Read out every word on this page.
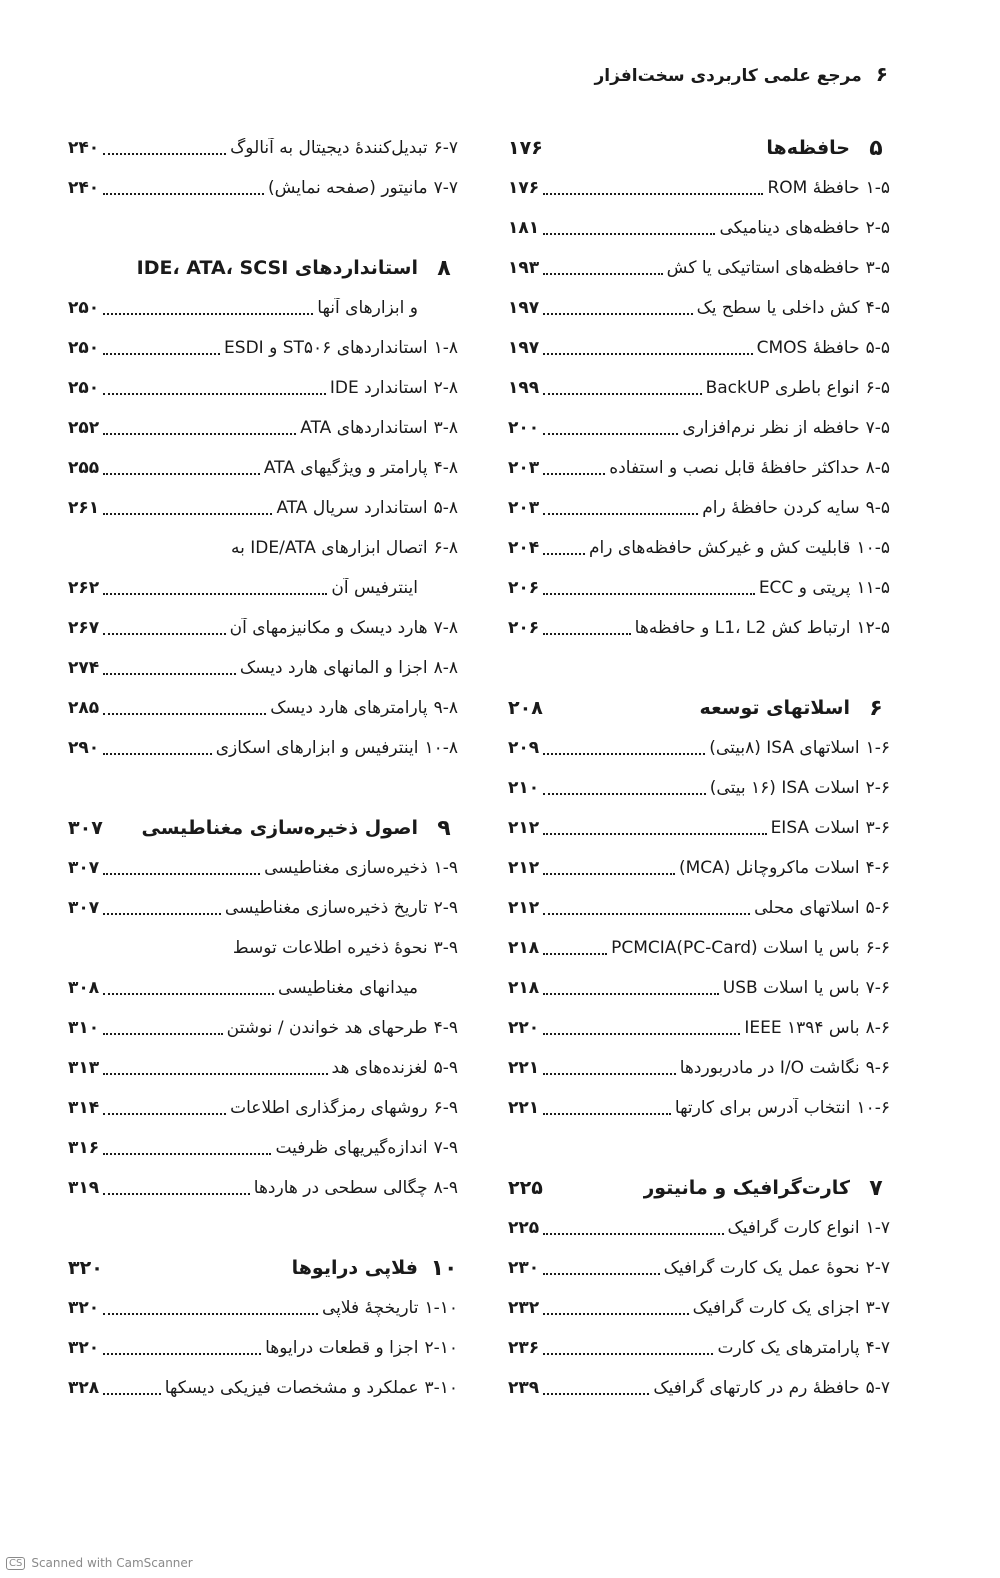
۶
مرجع علمی کاربردی سخت‌افزار
۵
حافظه‌ها
۱۷۶
۱-۵
حافظهٔ ROM
۱۷۶
۲-۵
حافظه‌های دینامیکی
۱۸۱
۳-۵
حافظه‌های استاتیکی یا کش
۱۹۳
۴-۵
کش داخلی یا سطح یک
۱۹۷
۵-۵
حافظهٔ CMOS
۱۹۷
۶-۵
انواع باطری BackUP
۱۹۹
۷-۵
حافظه از نظر نرم‌افزاری
۲۰۰
۸-۵
حداکثر حافظهٔ قابل نصب و استفاده
۲۰۳
۹-۵
سایه کردن حافظهٔ رام
۲۰۳
۱۰-۵
قابلیت کش و غیرکش حافظه‌های رام
۲۰۴
۱۱-۵
پریتی و ECC
۲۰۶
۱۲-۵
ارتباط کش L1، L2 و حافظه‌ها
۲۰۶
۶
اسلاتهای توسعه
۲۰۸
۱-۶
اسلاتهای ISA (۸بیتی)
۲۰۹
۲-۶
اسلات ISA (۱۶ بیتی)
۲۱۰
۳-۶
اسلات EISA
۲۱۲
۴-۶
اسلات ماکروچانل (MCA)
۲۱۲
۵-۶
اسلاتهای محلی
۲۱۲
۶-۶
باس یا اسلات PCMCIA(PC-Card)
۲۱۸
۷-۶
باس یا اسلات USB
۲۱۸
۸-۶
باس IEEE ۱۳۹۴
۲۲۰
۹-۶
نگاشت I/O در مادربوردها
۲۲۱
۱۰-۶
انتخاب آدرس برای کارتها
۲۲۱
۷
کارت‌گرافیک و مانیتور
۲۲۵
۱-۷
انواع کارت گرافیک
۲۲۵
۲-۷
نحوهٔ عمل یک کارت گرافیک
۲۳۰
۳-۷
اجزای یک کارت گرافیک
۲۳۲
۴-۷
پارامترهای یک کارت
۲۳۶
۵-۷
حافظهٔ رم در کارتهای گرافیک
۲۳۹
۶-۷
تبدیل‌کنندهٔ دیجیتال به آنالوگ
۲۴۰
۷-۷
مانیتور (صفحه نمایش)
۲۴۰
۸
استانداردهای IDE، ATA، SCSI
و ابزارهای آنها
۲۵۰
۱-۸
استانداردهای ST۵۰۶ و ESDI
۲۵۰
۲-۸
استاندارد IDE
۲۵۰
۳-۸
استانداردهای ATA
۲۵۲
۴-۸
پارامتر و ویژگیهای ATA
۲۵۵
۵-۸
استاندارد سریال ATA
۲۶۱
۶-۸
اتصال ابزارهای IDE/ATA به
اینترفیس آن
۲۶۲
۷-۸
هارد دیسک و مکانیزمهای آن
۲۶۷
۸-۸
اجزا و المانهای هارد دیسک
۲۷۴
۹-۸
پارامترهای هارد دیسک
۲۸۵
۱۰-۸
اینترفیس و ابزارهای اسکازی
۲۹۰
۹
اصول ذخیره‌سازی مغناطیسی
۳۰۷
۱-۹
ذخیره‌سازی مغناطیسی
۳۰۷
۲-۹
تاریخ ذخیره‌سازی مغناطیسی
۳۰۷
۳-۹
نحوهٔ ذخیره اطلاعات توسط
میدانهای مغناطیسی
۳۰۸
۴-۹
طرحهای هد خواندن / نوشتن
۳۱۰
۵-۹
لغزنده‌های هد
۳۱۳
۶-۹
روشهای رمزگذاری اطلاعات
۳۱۴
۷-۹
اندازه‌گیریهای ظرفیت
۳۱۶
۸-۹
چگالی سطحی در هاردها
۳۱۹
۱۰
فلاپی درایوها
۳۲۰
۱-۱۰
تاریخچهٔ فلاپی
۳۲۰
۲-۱۰
اجزا و قطعات درایوها
۳۲۰
۳-۱۰
عملکرد و مشخصات فیزیکی دیسکها
۳۲۸
CS Scanned with CamScanner
